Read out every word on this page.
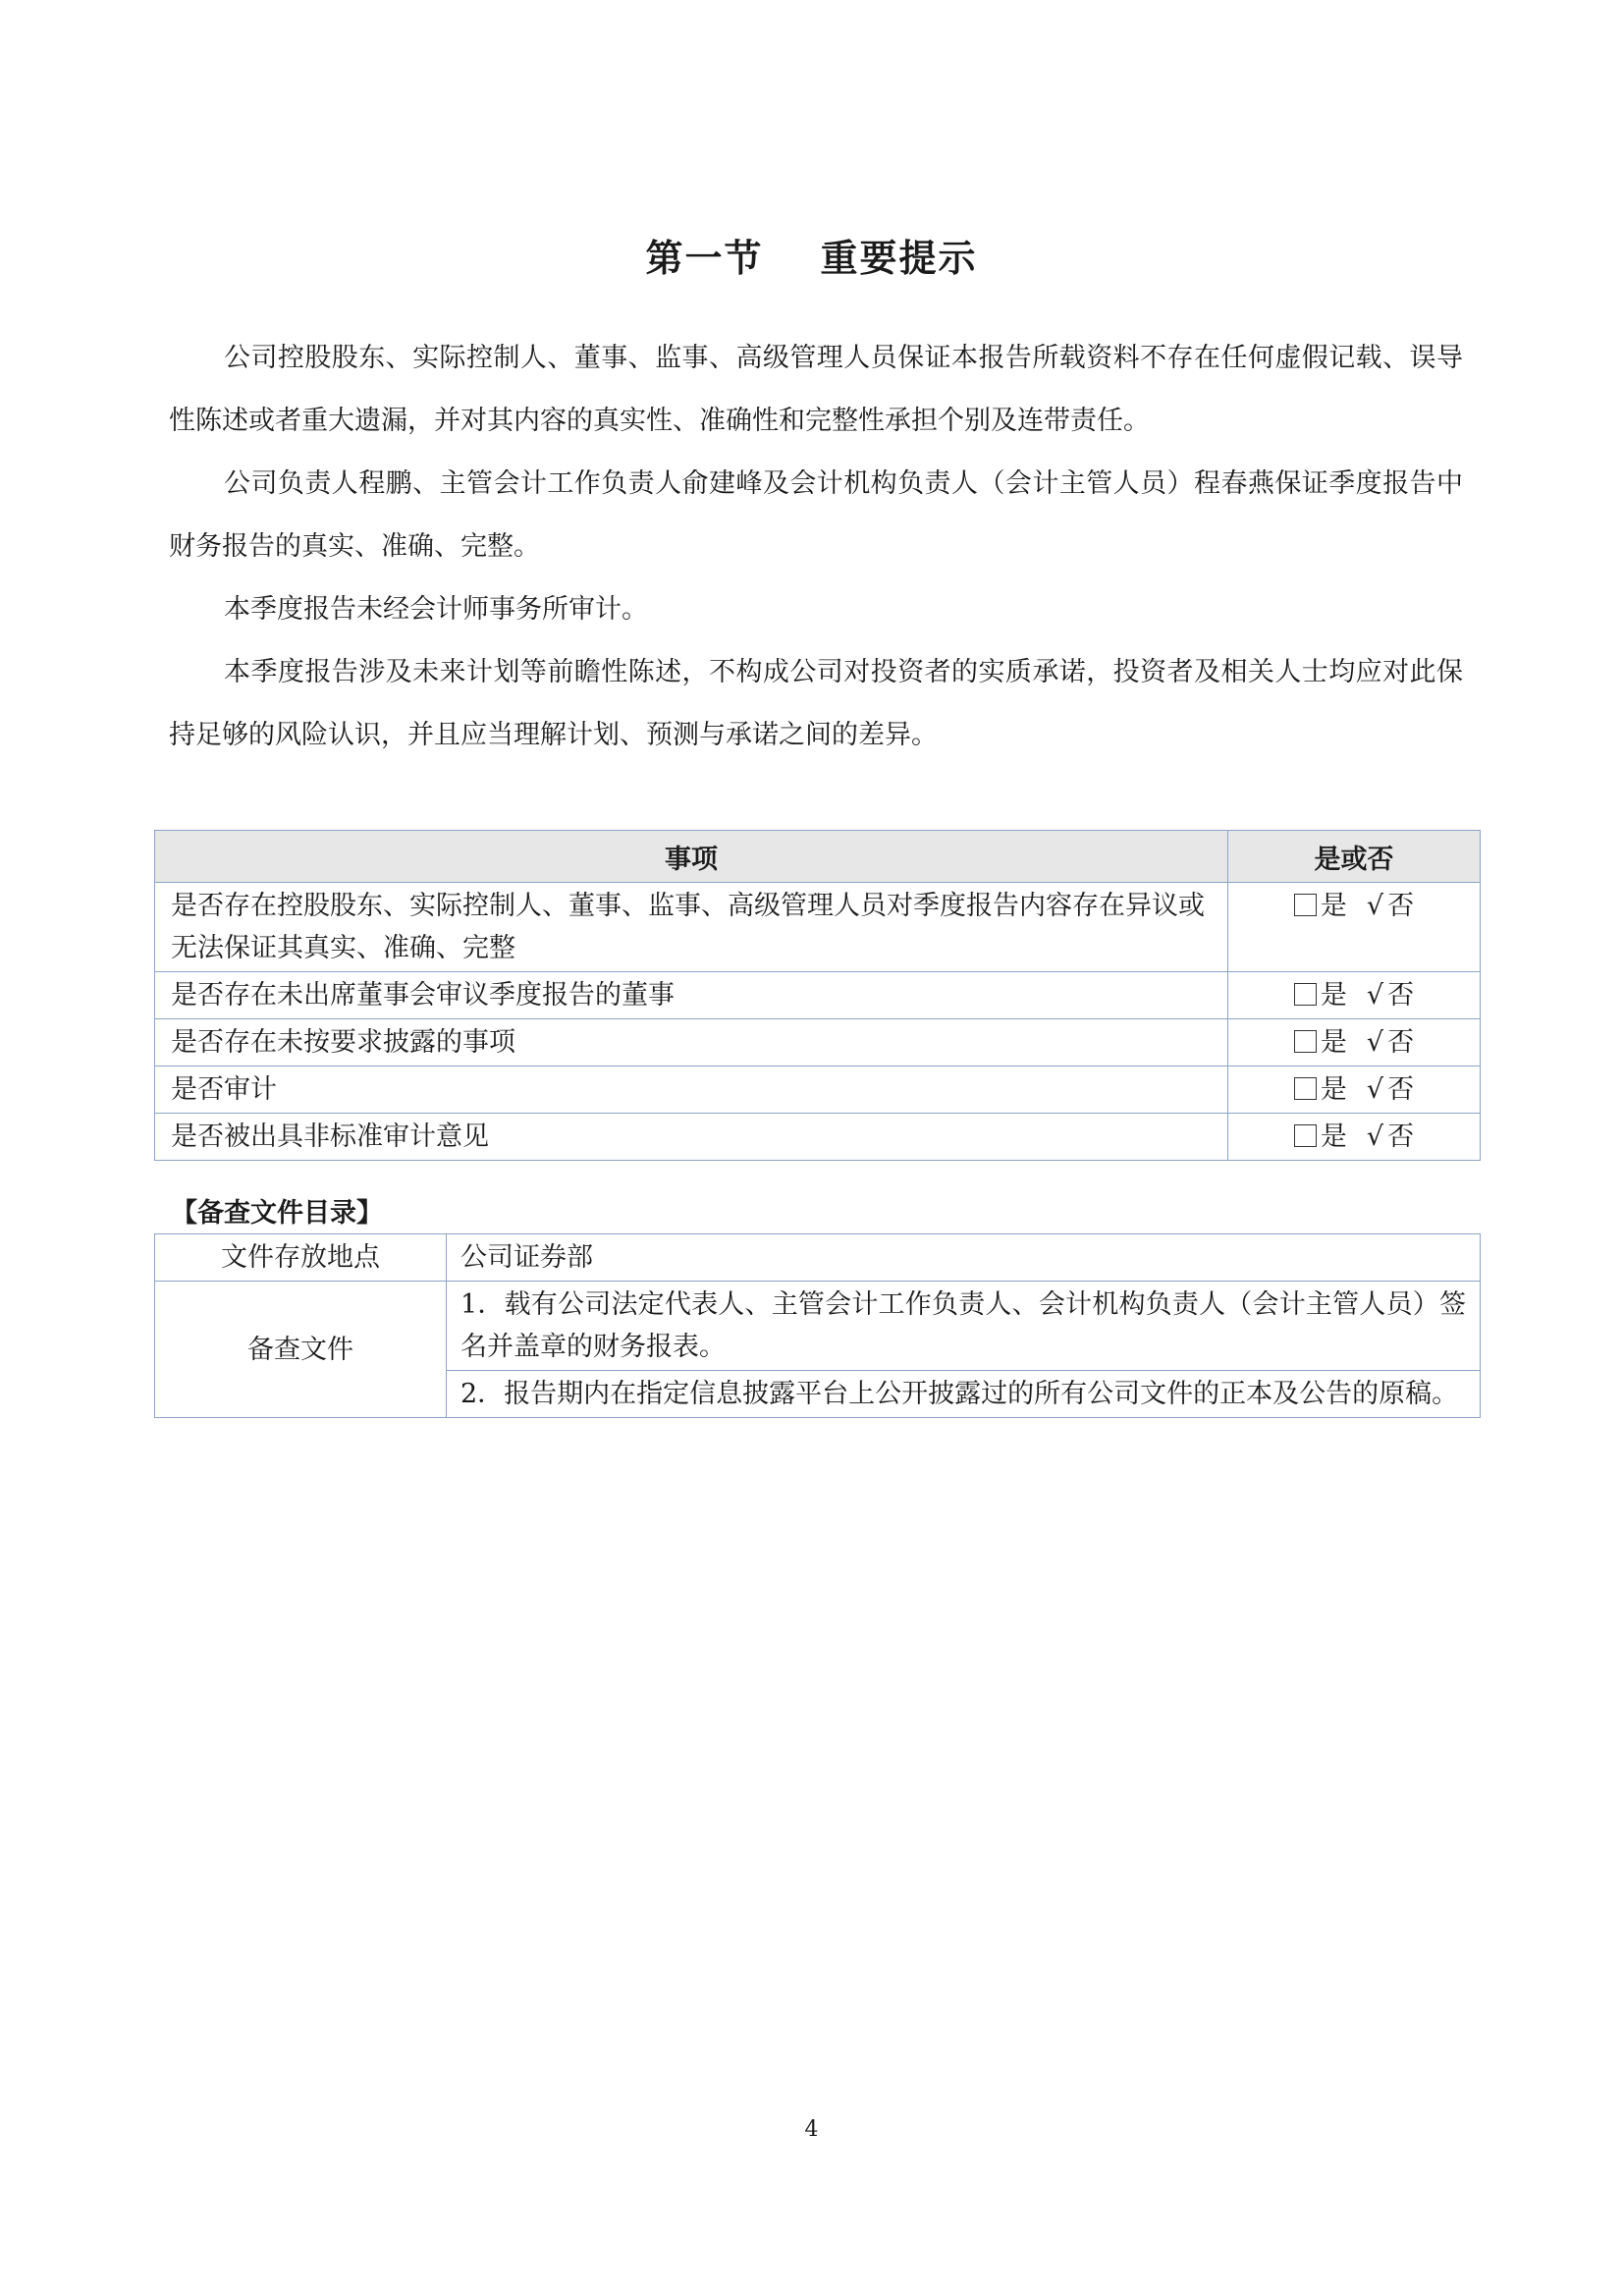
第一节 重要提示

公司控股股东、实际控制人、董事、监事、高级管理人员保证本报告所载资料不存在任何虚假记载、误导性陈述或者重大遗漏，并对其内容的真实性、准确性和完整性承担个别及连带责任。

公司负责人程鹏、主管会计工作负责人俞建峰及会计机构负责人（会计主管人员）程春燕保证季度报告中财务报告的真实、准确、完整。

本季度报告未经会计师事务所审计。

本季度报告涉及未来计划等前瞻性陈述，不构成公司对投资者的实质承诺，投资者及相关人士均应对此保持足够的风险认识，并且应当理解计划、预测与承诺之间的差异。

事项	是或否
是否存在控股股东、实际控制人、董事、监事、高级管理人员对季度报告内容存在异议或无法保证其真实、准确、完整	是 √ 否
是否存在未出席董事会审议季度报告的董事	是 √ 否
是否存在未按要求披露的事项	是 √ 否
是否审计	是 √ 否
是否被出具非标准审计意见	是 √ 否
【备查文件目录】
文件存放地点	公司证券部
备查文件	1．载有公司法定代表人、主管会计工作负责人、会计机构负责人（会计主管人员）签名并盖章的财务报表。
	2．报告期内在指定信息披露平台上公开披露过的所有公司文件的正本及公告的原稿。
4
